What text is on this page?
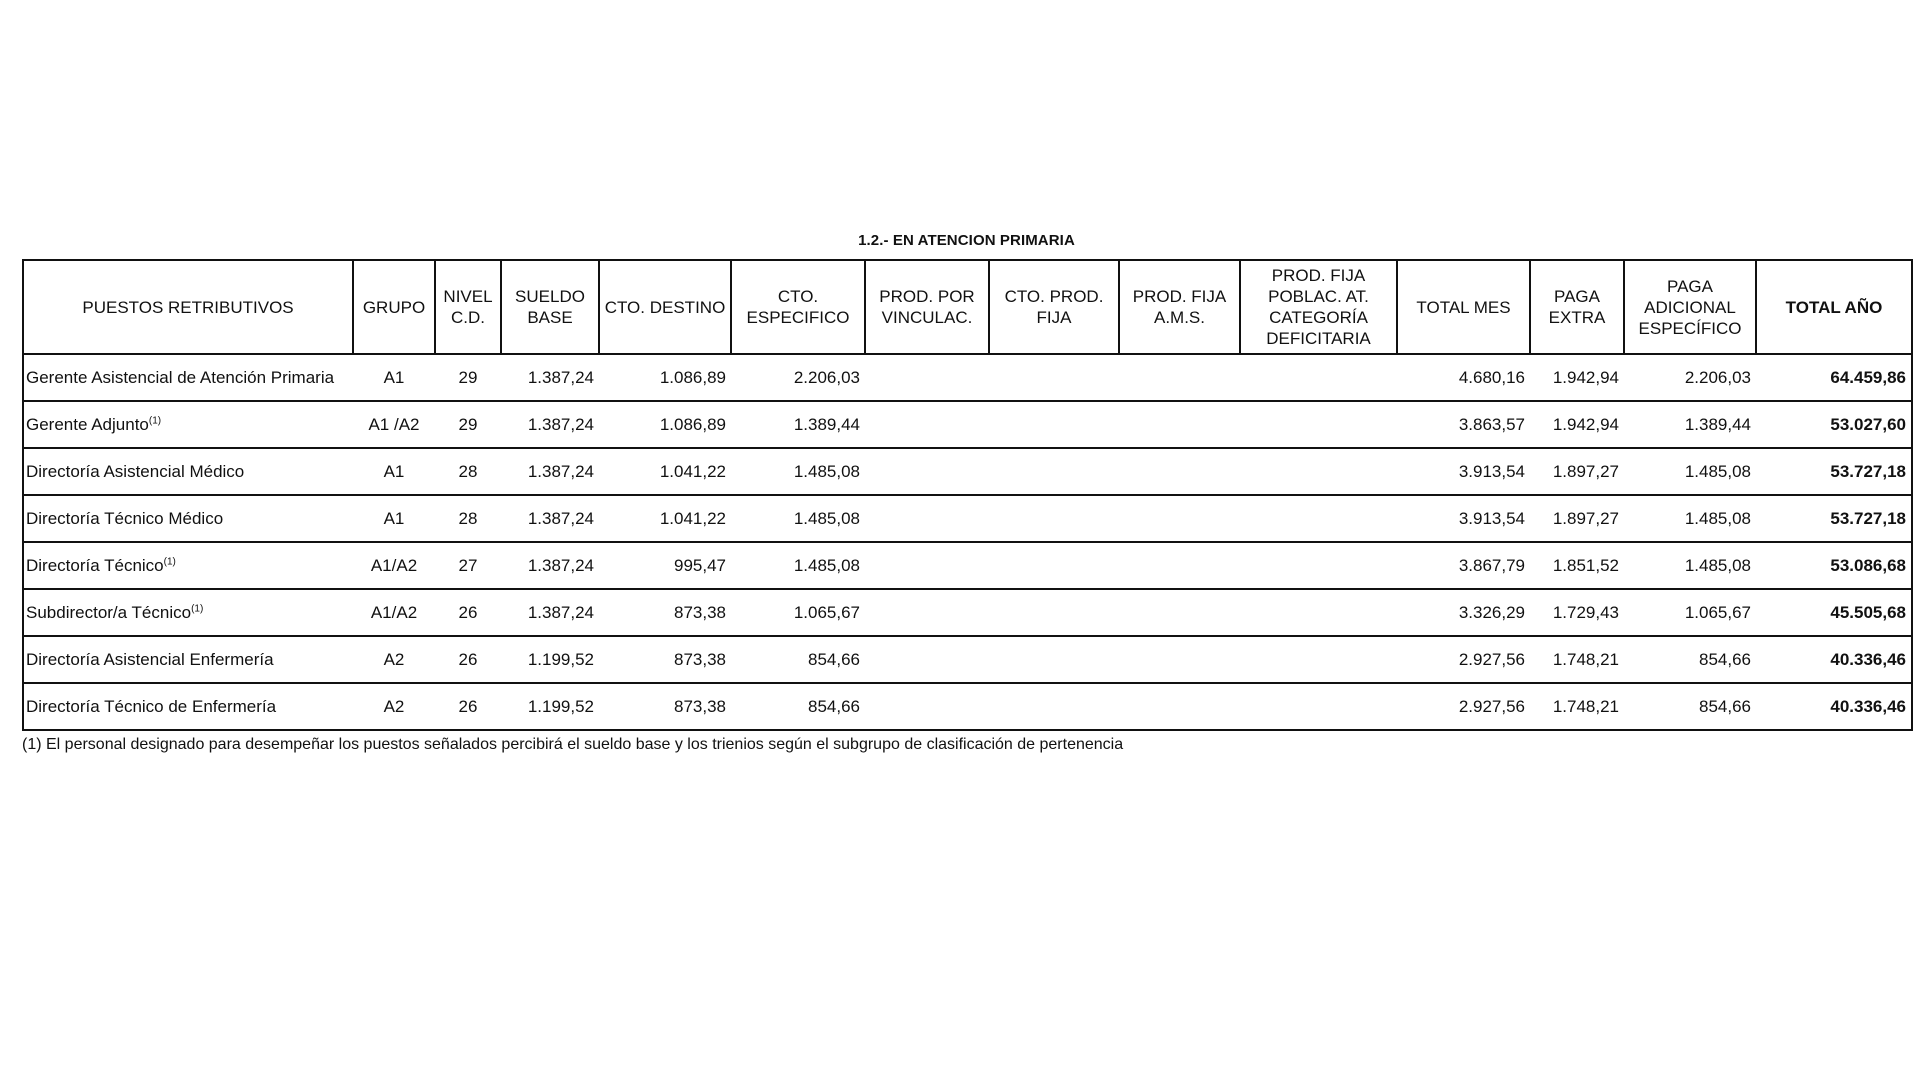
1.2.- EN ATENCION PRIMARIA
PUESTOS RETRIBUTIVOS	GRUPO	NIVEL C.D.	SUELDO BASE	CTO. DESTINO	CTO. ESPECIFICO	PROD. POR VINCULAC.	CTO. PROD. FIJA	PROD. FIJA A.M.S.	PROD. FIJA POBLAC. AT. CATEGORÍA DEFICITARIA	TOTAL MES	PAGA EXTRA	PAGA ADICIONAL ESPECÍFICO	TOTAL AÑO
Gerente Asistencial de Atención Primaria	A1	29	1.387,24	1.086,89	2.206,03					4.680,16	1.942,94	2.206,03	64.459,86
Gerente Adjunto$^{(1)}$	A1 /A2	29	1.387,24	1.086,89	1.389,44					3.863,57	1.942,94	1.389,44	53.027,60
Directoría Asistencial Médico	A1	28	1.387,24	1.041,22	1.485,08					3.913,54	1.897,27	1.485,08	53.727,18
Directoría Técnico Médico	A1	28	1.387,24	1.041,22	1.485,08					3.913,54	1.897,27	1.485,08	53.727,18
Directoría Técnico$^{(1)}$	A1/A2	27	1.387,24	995,47	1.485,08					3.867,79	1.851,52	1.485,08	53.086,68
Subdirector/a Técnico$^{(1)}$	A1/A2	26	1.387,24	873,38	1.065,67					3.326,29	1.729,43	1.065,67	45.505,68
Directoría Asistencial Enfermería	A2	26	1.199,52	873,38	854,66					2.927,56	1.748,21	854,66	40.336,46
Directoría Técnico de Enfermería	A2	26	1.199,52	873,38	854,66					2.927,56	1.748,21	854,66	40.336,46
(1) El personal designado para desempeñar los puestos señalados percibirá el sueldo base y los trienios según el subgrupo de clasificación de pertenencia
